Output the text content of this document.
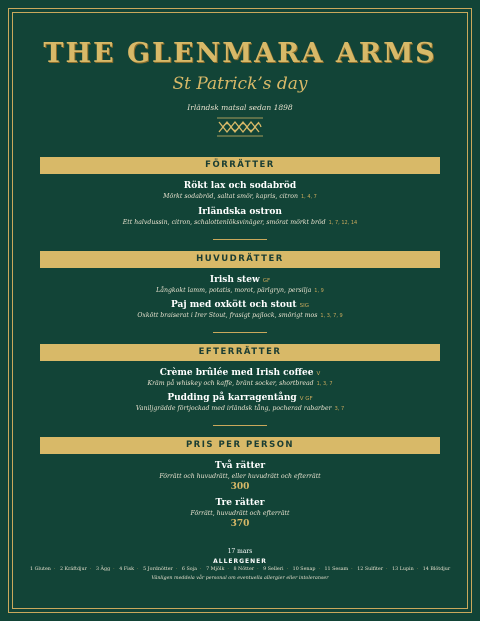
THE GLENMARA ARMS
St Patrick’s day
Irländsk matsal sedan 1898
FÖRRÄTTER
Rökt lax och sodabröd
Mörkt sodabröd, saltat smör, kapris, citron 1, 4, 7
Irländska ostron
Ett halvdussin, citron, schalottenlöksvinäger, smörat mörkt bröd 1, 7, 12, 14
HUVUDRÄTTER
Irish stew GF
Långkokt lamm, potatis, morot, pärlgryn, persilja 1, 9
Paj med oxkött och stout SIG
Oxkött braiserat i Irer Stout, frasigt pajlock, smörigt mos 1, 3, 7, 9
EFTERRÄTTER
Crème brûlée med Irish coffee V
Kräm på whiskey och kaffe, bränt socker, shortbread 1, 3, 7
Pudding på karragentång V GF
Vaniljgrädde förtjockad med irländsk tång, pocherad rabarber 3, 7
PRIS PER PERSON
Två rätter
Förrätt och huvudrätt, eller huvudrätt och efterrätt
300
Tre rätter
Förrätt, huvudrätt och efterrätt
370
17 mars
ALLERGENER
1 Gluten · 2 Kräftdjur · 3 Ägg · 4 Fisk · 5 Jordnötter · 6 Soja · 7 Mjölk · 8 Nötter · 9 Selleri · 10 Senap · 11 Sesam · 12 Sulfiter · 13 Lupin · 14 Blötdjur
Vänligen meddela vår personal om eventuella allergier eller intoleranser
